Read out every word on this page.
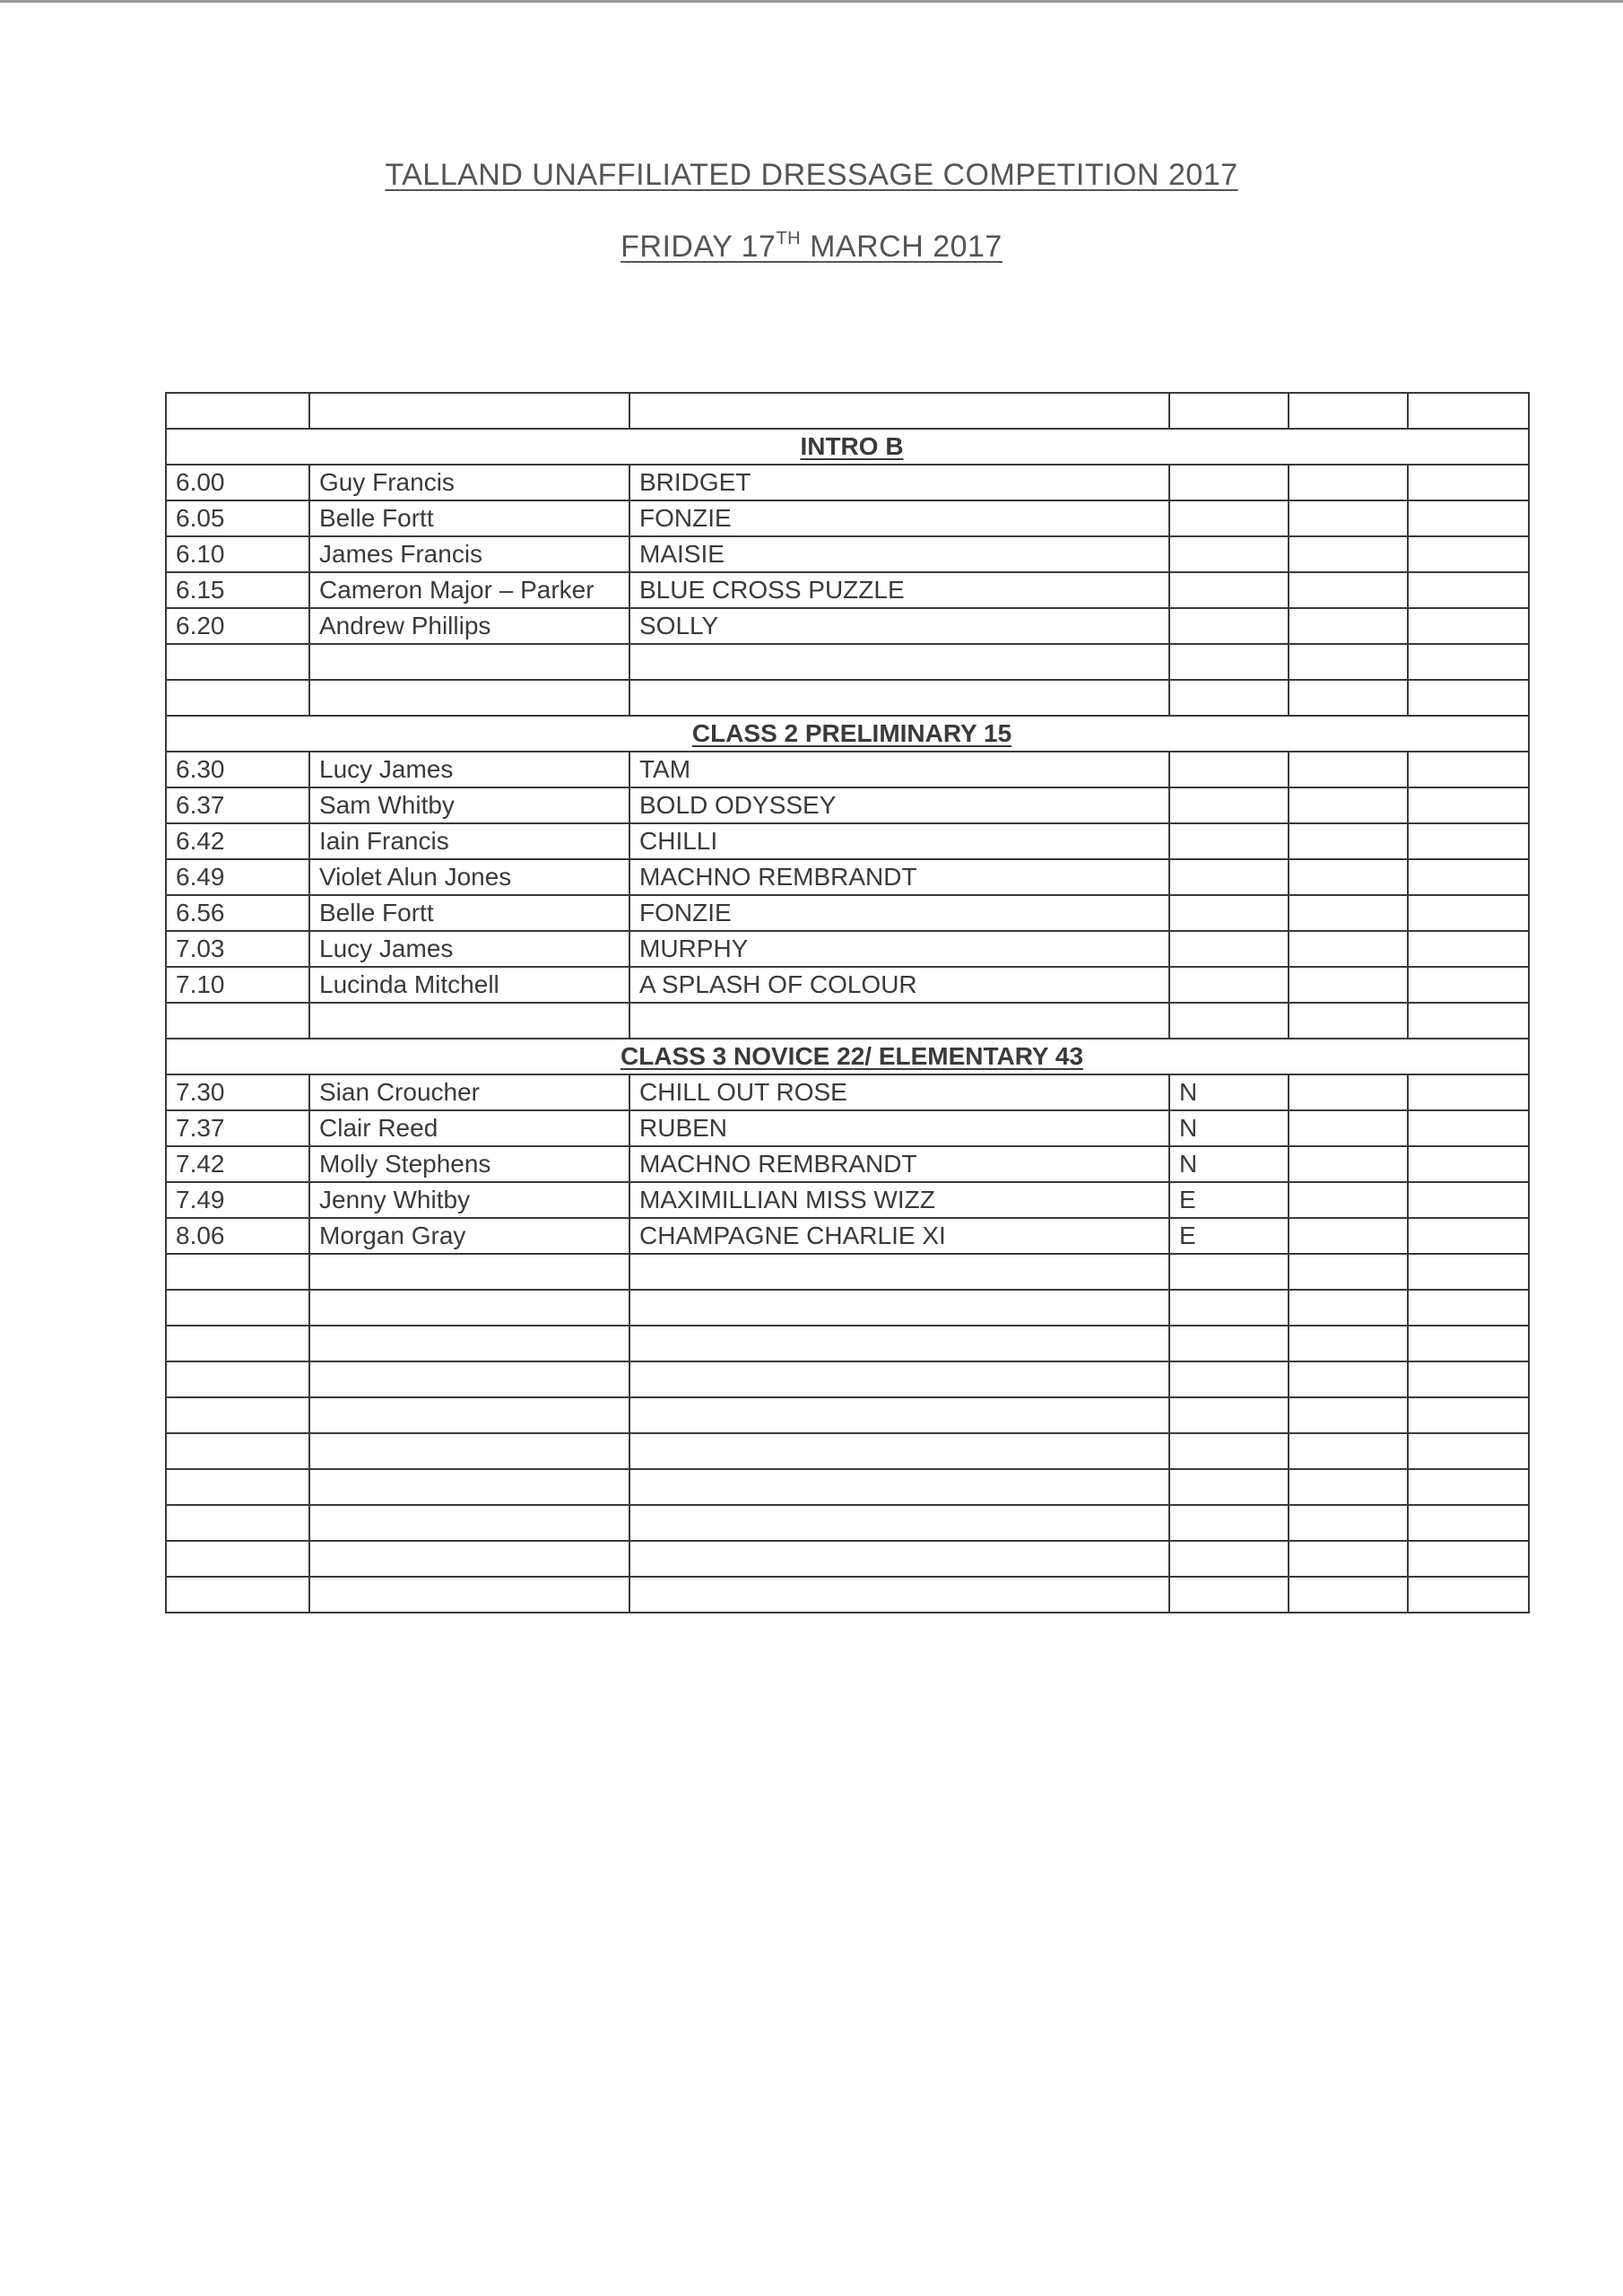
TALLAND UNAFFILIATED DRESSAGE COMPETITION 2017
FRIDAY 17TH MARCH 2017

INTRO B					
6.00	Guy Francis	BRIDGET			
6.05	Belle Fortt	FONZIE			
6.10	James Francis	MAISIE			
6.15	Cameron Major – Parker	BLUE CROSS PUZZLE			
6.20	Andrew Phillips	SOLLY			

CLASS 2 PRELIMINARY 15					
6.30	Lucy James	TAM			
6.37	Sam Whitby	BOLD ODYSSEY			
6.42	Iain Francis	CHILLI			
6.49	Violet Alun Jones	MACHNO REMBRANDT			
6.56	Belle Fortt	FONZIE			
7.03	Lucy James	MURPHY			
7.10	Lucinda Mitchell	A SPLASH OF COLOUR			

CLASS 3 NOVICE 22/ ELEMENTARY 43					
7.30	Sian Croucher	CHILL OUT ROSE	N		
7.37	Clair Reed	RUBEN	N		
7.42	Molly Stephens	MACHNO REMBRANDT	N		
7.49	Jenny Whitby	MAXIMILLIAN MISS WIZZ	E		
8.06	Morgan Gray	CHAMPAGNE CHARLIE XI	E		
